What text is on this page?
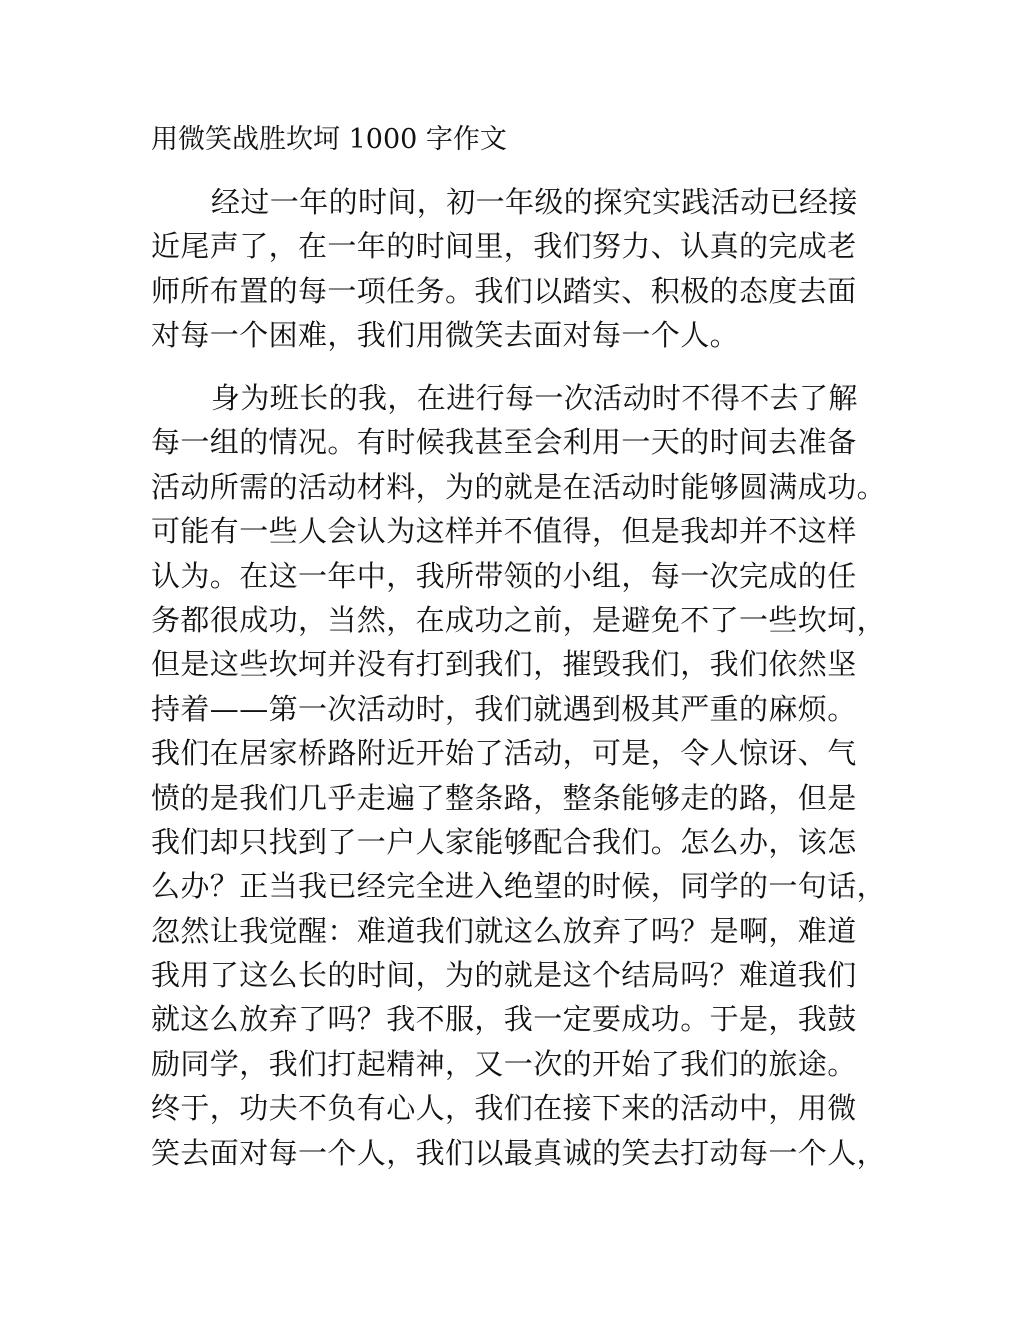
用微笑战胜坎坷 1000 字作文
经过一年的时间，初一年级的探究实践活动已经接
近尾声了，在一年的时间里，我们努力、认真的完成老
师所布置的每一项任务。我们以踏实、积极的态度去面
对每一个困难，我们用微笑去面对每一个人。
身为班长的我，在进行每一次活动时不得不去了解
每一组的情况。有时候我甚至会利用一天的时间去准备
活动所需的活动材料，为的就是在活动时能够圆满成功。
可能有一些人会认为这样并不值得，但是我却并不这样
认为。在这一年中，我所带领的小组，每一次完成的任
务都很成功，当然，在成功之前，是避免不了一些坎坷，
但是这些坎坷并没有打到我们，摧毁我们，我们依然坚
持着——第一次活动时，我们就遇到极其严重的麻烦。
我们在居家桥路附近开始了活动，可是，令人惊讶、气
愤的是我们几乎走遍了整条路，整条能够走的路，但是
我们却只找到了一户人家能够配合我们。怎么办，该怎
么办？正当我已经完全进入绝望的时候，同学的一句话，
忽然让我觉醒：难道我们就这么放弃了吗？是啊，难道
我用了这么长的时间，为的就是这个结局吗？难道我们
就这么放弃了吗？我不服，我一定要成功。于是，我鼓
励同学，我们打起精神，又一次的开始了我们的旅途。
终于，功夫不负有心人，我们在接下来的活动中，用微
笑去面对每一个人，我们以最真诚的笑去打动每一个人，
